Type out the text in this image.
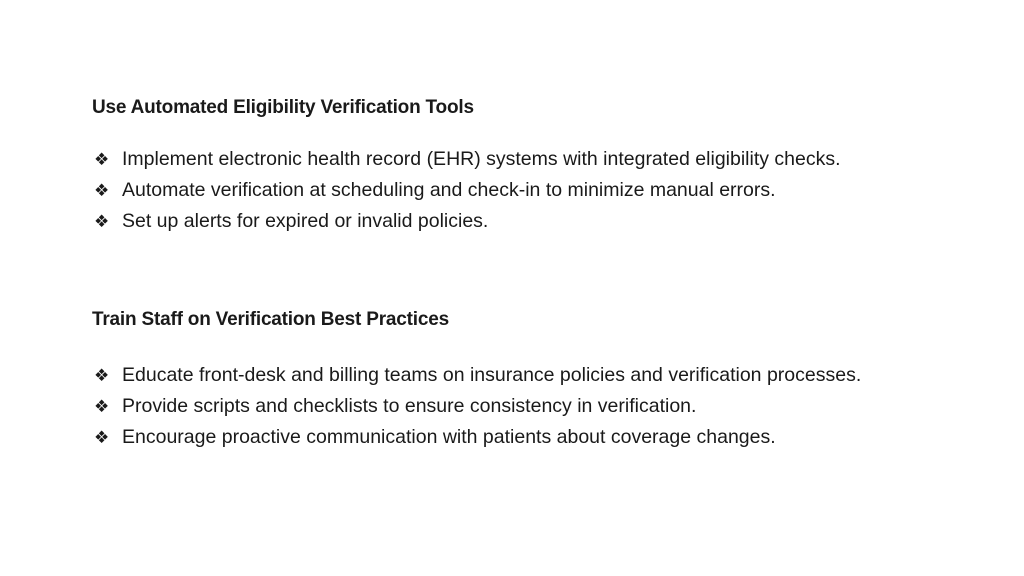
Use Automated Eligibility Verification Tools
❖ Implement electronic health record (EHR) systems with integrated eligibility checks.
❖ Automate verification at scheduling and check-in to minimize manual errors.
❖ Set up alerts for expired or invalid policies.
Train Staff on Verification Best Practices
❖ Educate front-desk and billing teams on insurance policies and verification processes.
❖ Provide scripts and checklists to ensure consistency in verification.
❖ Encourage proactive communication with patients about coverage changes.
